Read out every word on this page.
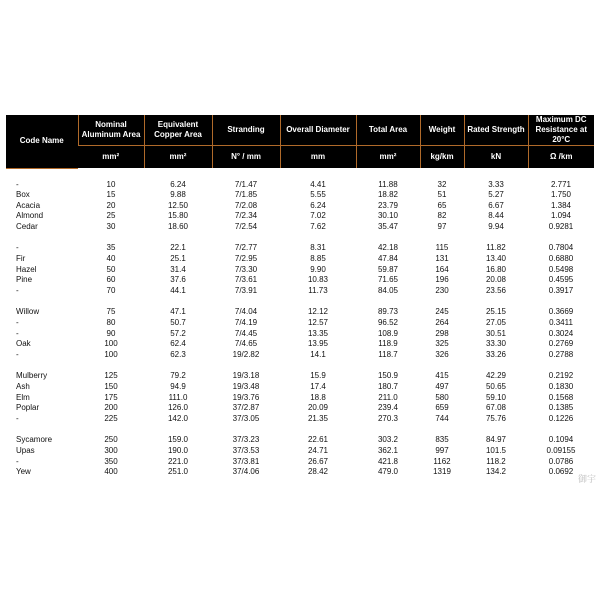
Code Name	Nominal Aluminum Area	Equivalent Copper Area	Stranding	Overall Diameter	Total Area	Weight	Rated Strength	Maximum DC Resistance at 20°C
	mm²	mm²	N° / mm	mm	mm²	kg/km	kN	Ω /km

-	10	6.24	7/1.47	4.41	11.88	32	3.33	2.771
Box	15	9.88	7/1.85	5.55	18.82	51	5.27	1.750
Acacia	20	12.50	7/2.08	6.24	23.79	65	6.67	1.384
Almond	25	15.80	7/2.34	7.02	30.10	82	8.44	1.094
Cedar	30	18.60	7/2.54	7.62	35.47	97	9.94	0.9281

-	35	22.1	7/2.77	8.31	42.18	115	11.82	0.7804
Fir	40	25.1	7/2.95	8.85	47.84	131	13.40	0.6880
Hazel	50	31.4	7/3.30	9.90	59.87	164	16.80	0.5498
Pine	60	37.6	7/3.61	10.83	71.65	196	20.08	0.4595
-	70	44.1	7/3.91	11.73	84.05	230	23.56	0.3917

Willow	75	47.1	7/4.04	12.12	89.73	245	25.15	0.3669
-	80	50.7	7/4.19	12.57	96.52	264	27.05	0.3411
-	90	57.2	7/4.45	13.35	108.9	298	30.51	0.3024
Oak	100	62.4	7/4.65	13.95	118.9	325	33.30	0.2769
-	100	62.3	19/2.82	14.1	118.7	326	33.26	0.2788

Mulberry	125	79.2	19/3.18	15.9	150.9	415	42.29	0.2192
Ash	150	94.9	19/3.48	17.4	180.7	497	50.65	0.1830
Elm	175	111.0	19/3.76	18.8	211.0	580	59.10	0.1568
Poplar	200	126.0	37/2.87	20.09	239.4	659	67.08	0.1385
-	225	142.0	37/3.05	21.35	270.3	744	75.76	0.1226

Sycamore	250	159.0	37/3.23	22.61	303.2	835	84.97	0.1094
Upas	300	190.0	37/3.53	24.71	362.1	997	101.5	0.09155
-	350	221.0	37/3.81	26.67	421.8	1162	118.2	0.0786
Yew	400	251.0	37/4.06	28.42	479.0	1319	134.2	0.0692
御宇
